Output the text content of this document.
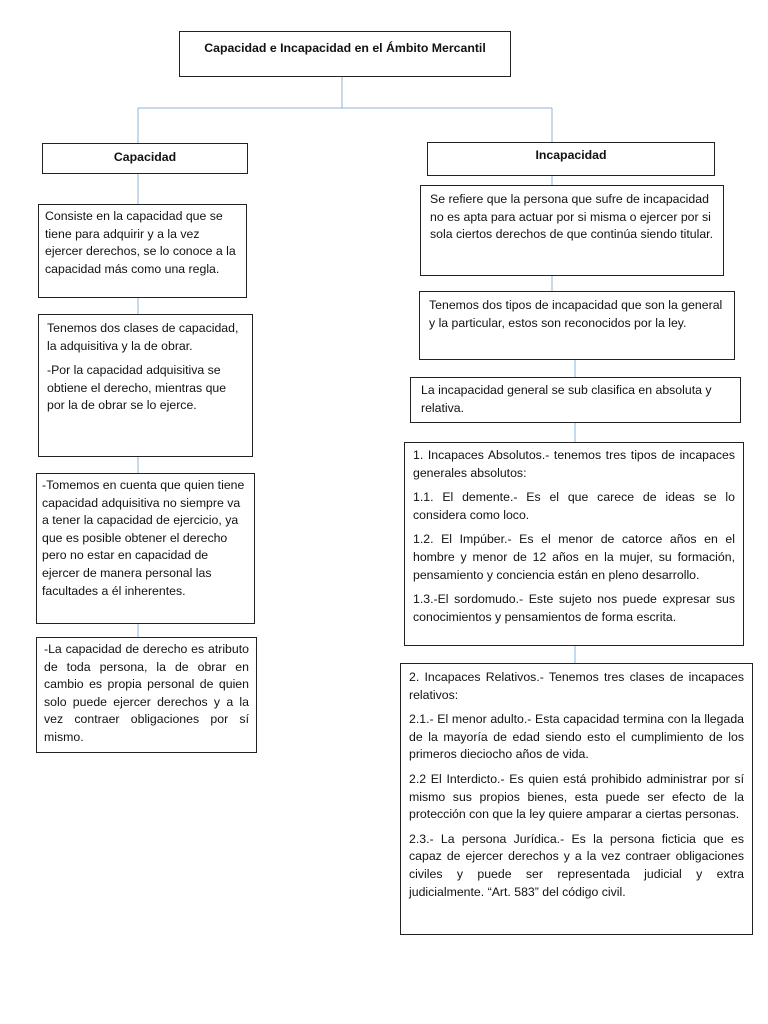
Capacidad e Incapacidad en el Ámbito Mercantil
Capacidad	Incapacidad

Consiste en la capacidad que se tiene para adquirir y a la vez ejercer derechos, se lo conoce a la capacidad más como una regla.

Tenemos dos clases de capacidad, la adquisitiva y la de obrar.

-Por la capacidad adquisitiva se obtiene el derecho, mientras que por la de obrar se lo ejerce.

-Tomemos en cuenta que quien tiene capacidad adquisitiva no siempre va a tener la capacidad de ejercicio, ya que es posible obtener el derecho pero no estar en capacidad de ejercer de manera personal las facultades a él inherentes.

-La capacidad de derecho es atributo de toda persona, la de obrar en cambio es propia personal de quien solo puede ejercer derechos y a la vez contraer obligaciones por sí mismo.

Se refiere que la persona que sufre de incapacidad no es apta para actuar por si misma o ejercer por si sola ciertos derechos de que continúa siendo titular.

Tenemos dos tipos de incapacidad que son la general y la particular, estos son reconocidos por la ley.

La incapacidad general se sub clasifica en absoluta y relativa.

1. Incapaces Absolutos.- tenemos tres tipos de incapaces generales absolutos:

1.1. El demente.- Es el que carece de ideas se lo considera como loco.

1.2. El Impúber.- Es el menor de catorce años en el hombre y menor de 12 años en la mujer, su formación, pensamiento y conciencia están en pleno desarrollo.

1.3.-El sordomudo.- Este sujeto nos puede expresar sus conocimientos y pensamientos de forma escrita.

2. Incapaces Relativos.- Tenemos tres clases de incapaces relativos:

2.1.- El menor adulto.- Esta capacidad termina con la llegada de la mayoría de edad siendo esto el cumplimiento de los primeros dieciocho años de vida.

2.2 El Interdicto.- Es quien está prohibido administrar por sí mismo sus propios bienes, esta puede ser efecto de la protección con que la ley quiere amparar a ciertas personas.

2.3.- La persona Jurídica.- Es la persona ficticia que es capaz de ejercer derechos y a la vez contraer obligaciones civiles y puede ser representada judicial y extra judicialmente. “Art. 583” del código civil.
